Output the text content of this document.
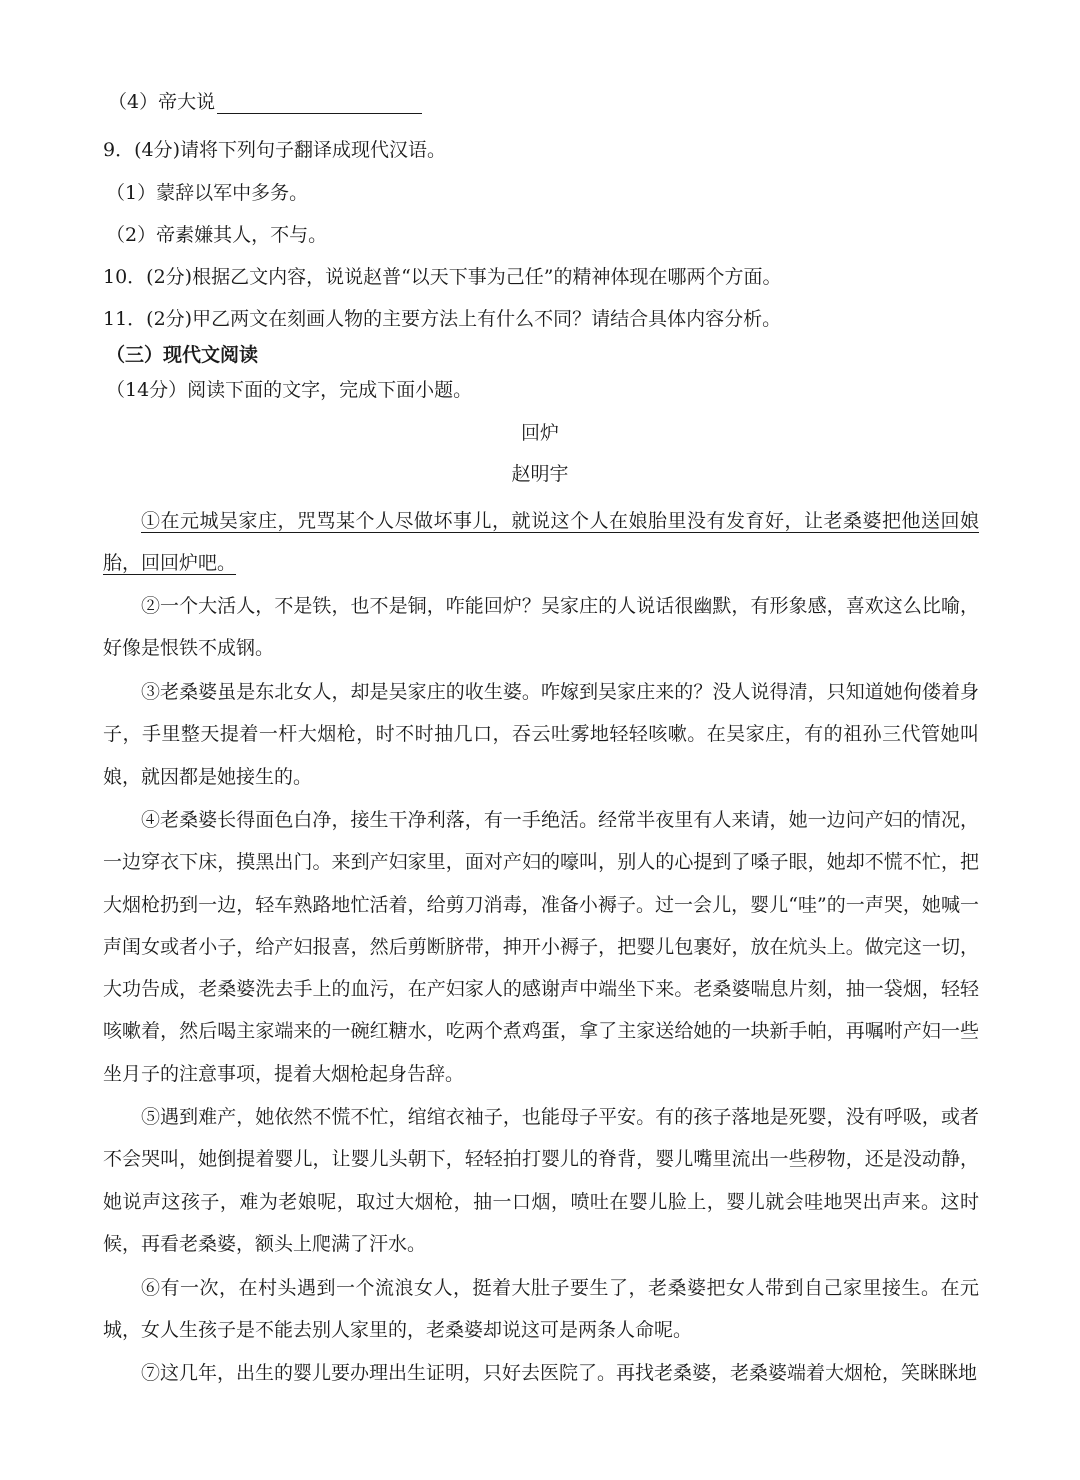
（4）帝大说
9．(4分)请将下列句子翻译成现代汉语。
（1）蒙辞以军中多务。
（2）帝素嫌其人，不与。
10．(2分)根据乙文内容，说说赵普“以天下事为己任”的精神体现在哪两个方面。
11．(2分)甲乙两文在刻画人物的主要方法上有什么不同？请结合具体内容分析。
（三）现代文阅读
（14分）阅读下面的文字，完成下面小题。
回炉
赵明宇
①在元城吴家庄，咒骂某个人尽做坏事儿，就说这个人在娘胎里没有发育好，让老桑婆把他送回娘胎，回回炉吧。
②一个大活人，不是铁，也不是铜，咋能回炉？吴家庄的人说话很幽默，有形象感，喜欢这么比喻，好像是恨铁不成钢。
③老桑婆虽是东北女人，却是吴家庄的收生婆。咋嫁到吴家庄来的？没人说得清，只知道她佝偻着身子，手里整天提着一杆大烟枪，时不时抽几口，吞云吐雾地轻轻咳嗽。在吴家庄，有的祖孙三代管她叫娘，就因都是她接生的。
④老桑婆长得面色白净，接生干净利落，有一手绝活。经常半夜里有人来请，她一边问产妇的情况，一边穿衣下床，摸黑出门。来到产妇家里，面对产妇的嚎叫，别人的心提到了嗓子眼，她却不慌不忙，把大烟枪扔到一边，轻车熟路地忙活着，给剪刀消毒，准备小褥子。过一会儿，婴儿“哇”的一声哭，她喊一声闺女或者小子，给产妇报喜，然后剪断脐带，抻开小褥子，把婴儿包裹好，放在炕头上。做完这一切，大功告成，老桑婆洗去手上的血污，在产妇家人的感谢声中端坐下来。老桑婆喘息片刻，抽一袋烟，轻轻咳嗽着，然后喝主家端来的一碗红糖水，吃两个煮鸡蛋，拿了主家送给她的一块新手帕，再嘱咐产妇一些坐月子的注意事项，提着大烟枪起身告辞。
⑤遇到难产，她依然不慌不忙，绾绾衣袖子，也能母子平安。有的孩子落地是死婴，没有呼吸，或者不会哭叫，她倒提着婴儿，让婴儿头朝下，轻轻拍打婴儿的脊背，婴儿嘴里流出一些秽物，还是没动静，她说声这孩子，难为老娘呢，取过大烟枪，抽一口烟，喷吐在婴儿脸上，婴儿就会哇地哭出声来。这时候，再看老桑婆，额头上爬满了汗水。
⑥有一次，在村头遇到一个流浪女人，挺着大肚子要生了，老桑婆把女人带到自己家里接生。在元城，女人生孩子是不能去别人家里的，老桑婆却说这可是两条人命呢。
⑦这几年，出生的婴儿要办理出生证明，只好去医院了。再找老桑婆，老桑婆端着大烟枪，笑眯眯地
